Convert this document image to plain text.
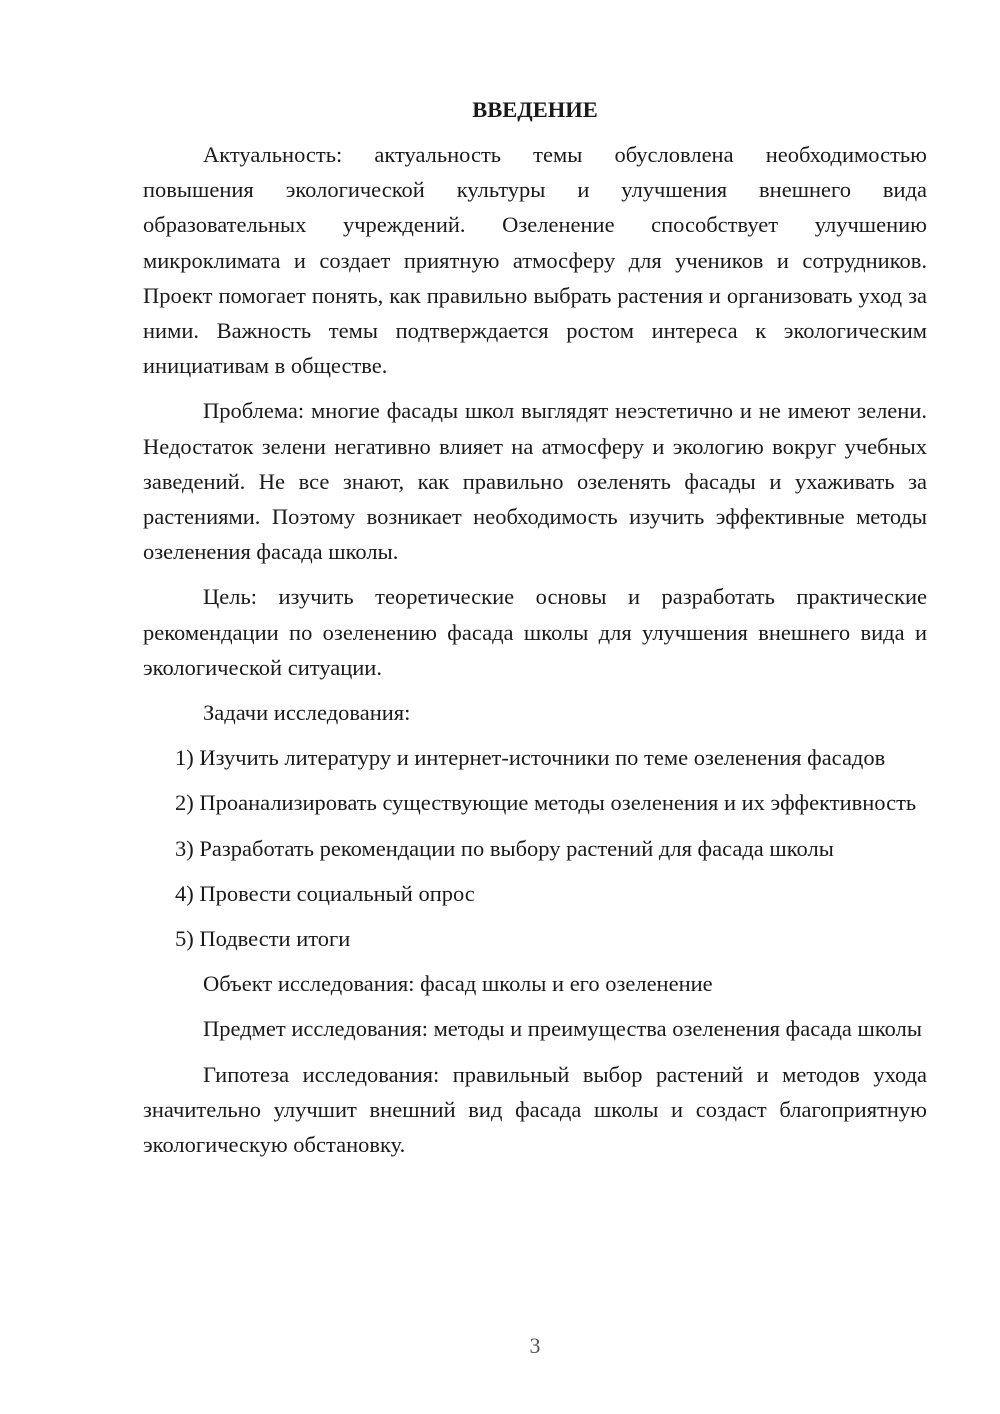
ВВЕДЕНИЕ

Актуальность: актуальность темы обусловлена необходимостью повышения экологической культуры и улучшения внешнего вида образовательных учреждений. Озеленение способствует улучшению микроклимата и создает приятную атмосферу для учеников и сотрудников. Проект помогает понять, как правильно выбрать растения и организовать уход за ними. Важность темы подтверждается ростом интереса к экологическим инициативам в обществе.

Проблема: многие фасады школ выглядят неэстетично и не имеют зелени. Недостаток зелени негативно влияет на атмосферу и экологию вокруг учебных заведений. Не все знают, как правильно озеленять фасады и ухаживать за растениями. Поэтому возникает необходимость изучить эффективные методы озеленения фасада школы.

Цель: изучить теоретические основы и разработать практические рекомендации по озеленению фасада школы для улучшения внешнего вида и экологической ситуации.

Задачи исследования:

1) Изучить литературу и интернет-источники по теме озеленения фасадов

2) Проанализировать существующие методы озеленения и их эффективность

3) Разработать рекомендации по выбору растений для фасада школы

4) Провести социальный опрос

5) Подвести итоги

Объект исследования: фасад школы и его озеленение

Предмет исследования: методы и преимущества озеленения фасада школы

Гипотеза исследования: правильный выбор растений и методов ухода значительно улучшит внешний вид фасада школы и создаст благоприятную экологическую обстановку.

3
